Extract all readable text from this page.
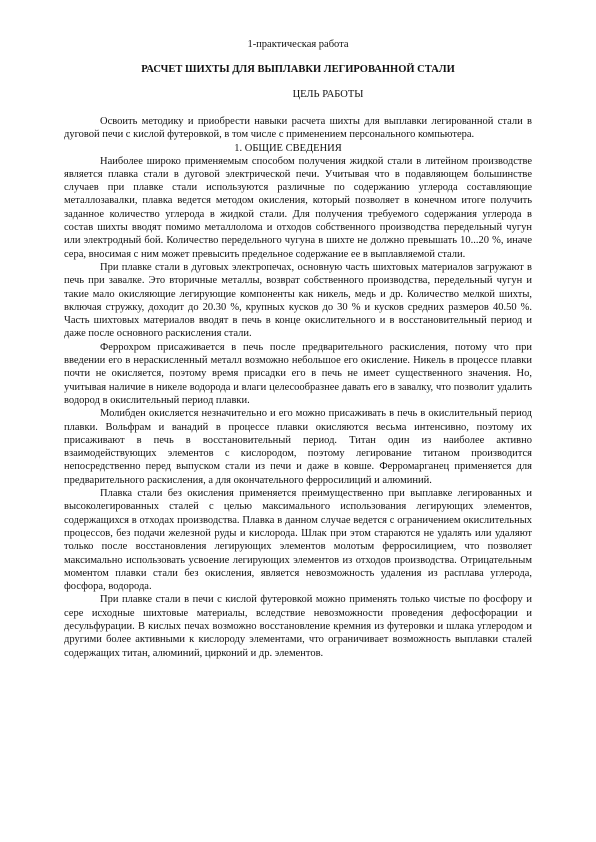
1-практическая работа
РАСЧЕТ ШИХТЫ ДЛЯ ВЫПЛАВКИ ЛЕГИРОВАННОЙ СТАЛИ
ЦЕЛЬ РАБОТЫ

Освоить методику и приобрести навыки расчета шихты для выплавки легированной стали в дуговой печи с кислой футеровкой, в том числе с применением персонального компьютера.

1. ОБЩИЕ СВЕДЕНИЯ

Наиболее широко применяемым способом получения жидкой стали в литейном производстве является плавка стали в дуговой электрической печи. Учитывая что в подавляющем большинстве случаев при плавке стали используются различные по содержанию углерода составляющие металлозавалки, плавка ведется методом окисления, который позволяет в конечном итоге получить заданное количество углерода в жидкой стали. Для получения требуемого содержания углерода в состав шихты вводят помимо металлолома и отходов собственного производства передельный чугун или электродный бой. Количество передельного чугуна в шихте не должно превышать 10...20 %, иначе сера, вносимая с ним может превысить предельное содержание ее в выплавляемой стали.

При плавке стали в дуговых электропечах, основную часть шихтовых материалов загружают в печь при завалке. Это вторичные металлы, возврат собственного производства, передельный чугун и такие мало окисляющие легирующие компоненты как никель, медь и др. Количество мелкой шихты, включая стружку, доходит до 20.30 %, крупных кусков до 30 % и кусков средних размеров 40.50 %. Часть шихтовых материалов вводят в печь в конце окислительного и в восстановительный период и даже после основного раскисления стали.

Феррохром присаживается в печь после предварительного раскисления, потому что при введении его в нераскисленный металл возможно небольшое его окисление. Никель в процессе плавки почти не окисляется, поэтому время присадки его в печь не имеет существенного значения. Но, учитывая наличие в никеле водорода и влаги целесообразнее давать его в завалку, что позволит удалить водород в окислительный период плавки.

Молибден окисляется незначительно и его можно присаживать в печь в окислительный период плавки. Вольфрам и ванадий в процессе плавки окисляются весьма интенсивно, поэтому их присаживают в печь в восстановительный период. Титан один из наиболее активно взаимодействующих элементов с кислородом, поэтому легирование титаном производится непосредственно перед выпуском стали из печи и даже в ковше. Ферромарганец применяется для предварительного раскисления, а для окончательного ферросилиций и алюминий.

Плавка стали без окисления применяется преимущественно при выплавке легированных и высоколегированных сталей с целью максимального использования легирующих элементов, содержащихся в отходах производства. Плавка в данном случае ведется с ограничением окислительных процессов, без подачи железной руды и кислорода. Шлак при этом стараются не удалять или удаляют только после восстановления легирующих элементов молотым ферросилицием, что позволяет максимально использовать усвоение легирующих элементов из отходов производства. Отрицательным моментом плавки стали без окисления, является невозможность удаления из расплава углерода, фосфора, водорода.

При плавке стали в печи с кислой футеровкой можно применять только чистые по фосфору и сере исходные шихтовые материалы, вследствие невозможности проведения дефосфорации и десульфурации. В кислых печах возможно восстановление кремния из футеровки и шлака углеродом и другими более активными к кислороду элементами, что ограничивает возможность выплавки сталей содержащих титан, алюминий, цирконий и др. элементов.
